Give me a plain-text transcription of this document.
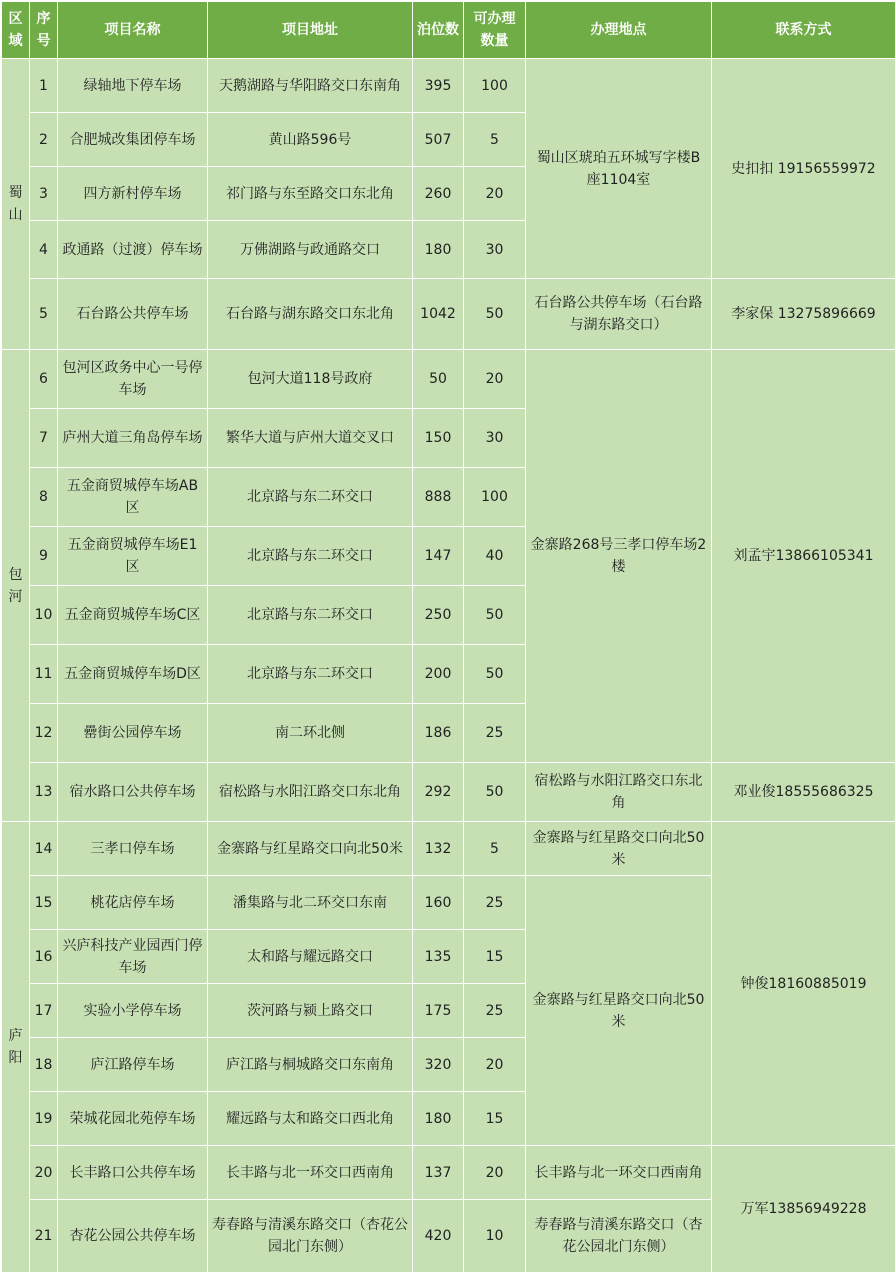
区域	序号	项目名称	项目地址	泊位数	可办理数量	办理地点	联系方式
蜀山	1	绿轴地下停车场	天鹅湖路与华阳路交口东南角	395	100	蜀山区琥珀五环城写字楼B座1104室	史扣扣 19156559972
	2	合肥城改集团停车场	黄山路596号	507	5		
	3	四方新村停车场	祁门路与东至路交口东北角	260	20		
	4	政通路（过渡）停车场	万佛湖路与政通路交口	180	30		
	5	石台路公共停车场	石台路与湖东路交口东北角	1042	50	石台路公共停车场（石台路与湖东路交口）	李家保 13275896669
包河	6	包河区政务中心一号停车场	包河大道118号政府	50	20	金寨路268号三孝口停车场2楼	刘孟宇13866105341
	7	庐州大道三角岛停车场	繁华大道与庐州大道交叉口	150	30		
	8	五金商贸城停车场AB区	北京路与东二环交口	888	100		
	9	五金商贸城停车场E1区	北京路与东二环交口	147	40		
	10	五金商贸城停车场C区	北京路与东二环交口	250	50		
	11	五金商贸城停车场D区	北京路与东二环交口	200	50		
	12	罍街公园停车场	南二环北侧	186	25		
	13	宿水路口公共停车场	宿松路与水阳江路交口东北角	292	50	宿松路与水阳江路交口东北角	邓业俊18555686325
庐阳	14	三孝口停车场	金寨路与红星路交口向北50米	132	5	金寨路与红星路交口向北50米	钟俊18160885019
	15	桃花店停车场	潘集路与北二环交口东南	160	25	金寨路与红星路交口向北50米	
	16	兴庐科技产业园西门停车场	太和路与耀远路交口	135	15		
	17	实验小学停车场	茨河路与颍上路交口	175	25		
	18	庐江路停车场	庐江路与桐城路交口东南角	320	20		
	19	荣城花园北苑停车场	耀远路与太和路交口西北角	180	15		
	20	长丰路口公共停车场	长丰路与北一环交口西南角	137	20	长丰路与北一环交口西南角	万军13856949228
	21	杏花公园公共停车场	寿春路与清溪东路交口（杏花公园北门东侧）	420	10	寿春路与清溪东路交口（杏花公园北门东侧）	
